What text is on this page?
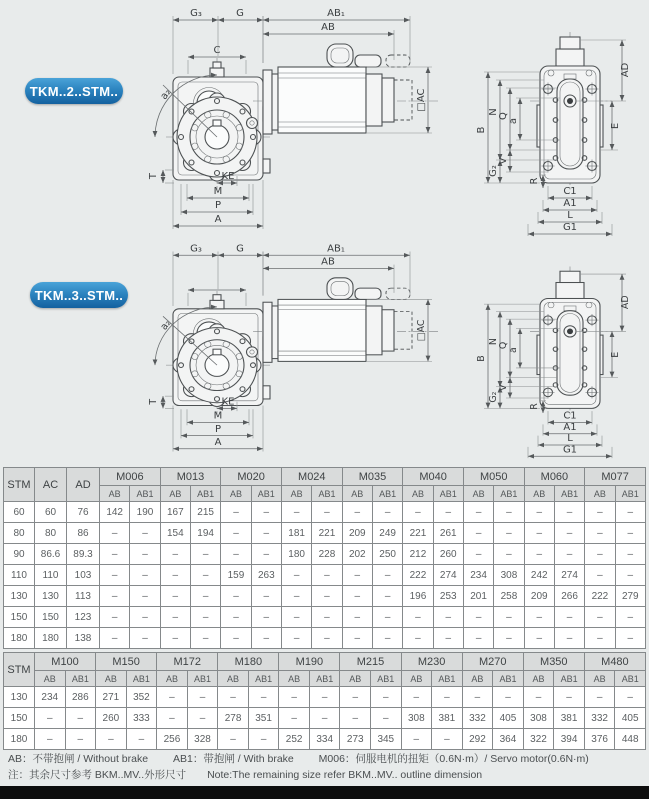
a₂
T	KE
M
P
A
C
G₃	G	AB₁
AB
□AC
B
N
Q
a
G₂
V
R
AD
E
C1
A1
L
G1
a₂
T	KE
M
P
A
G₃	G	AB₁
AB
□AC
B
N
Q
a
G₂
V
R
AD
E
C1
A1
L
G1
TKM..2..STM..
TKM..3..STM..
STM	AC	AD	M006		M013		M020		M024		M035		M040		M050		M060		M077	
			AB	AB1	AB	AB1	AB	AB1	AB	AB1	AB	AB1	AB	AB1	AB	AB1	AB	AB1	AB	AB1
60	60	76	142	190	167	215	–	–	–	–	–	–	–	–	–	–	–	–	–	–
80	80	86	–	–	154	194	–	–	181	221	209	249	221	261	–	–	–	–	–	–
90	86.6	89.3	–	–	–	–	–	–	180	228	202	250	212	260	–	–	–	–	–	–
110	110	103	–	–	–	–	159	263	–	–	–	–	222	274	234	308	242	274	–	–
130	130	113	–	–	–	–	–	–	–	–	–	–	196	253	201	258	209	266	222	279
150	150	123	–	–	–	–	–	–	–	–	–	–	–	–	–	–	–	–	–	–
180	180	138	–	–	–	–	–	–	–	–	–	–	–	–	–	–	–	–	–	–
STM	M100		M150		M172		M180		M190		M215		M230		M270		M350		M480	
	AB	AB1	AB	AB1	AB	AB1	AB	AB1	AB	AB1	AB	AB1	AB	AB1	AB	AB1	AB	AB1	AB	AB1
130	234	286	271	352	–	–	–	–	–	–	–	–	–	–	–	–	–	–	–	–
150	–	–	260	333	–	–	278	351	–	–	–	–	308	381	332	405	308	381	332	405
180	–	–	–	–	256	328	–	–	252	334	273	345	–	–	292	364	322	394	376	448
AB：不带抱闸 / Without brake AB1：带抱闸 / With brake M006：伺服电机的扭矩（0.6N·m）/ Servo motor(0.6N·m)
注：其余尺寸参考 BKM..MV..外形尺寸 Note:The remaining size refer BKM..MV.. outline dimension
